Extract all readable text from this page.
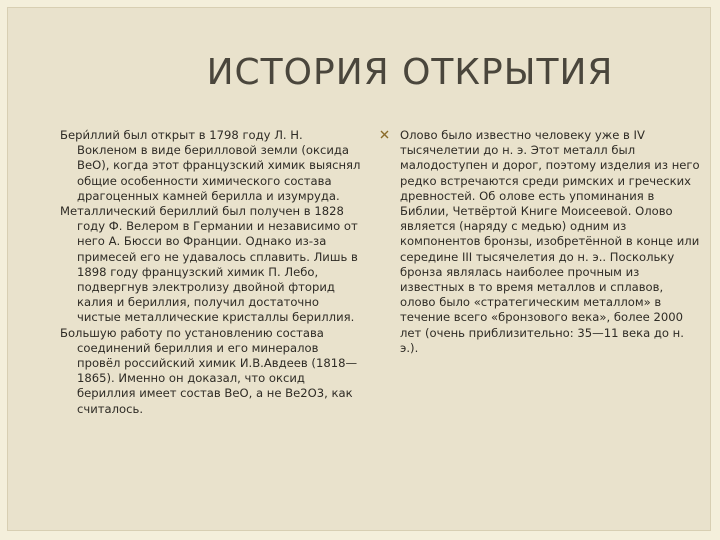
ИСТОРИЯ ОТКРЫТИЯ

Бери́ллий был открыт в 1798 году Л. Н. Вокленом в виде берилловой земли (оксида BeO), когда этот французский химик выяснял общие особенности химического состава драгоценных камней берилла и изумруда.

Металлический бериллий был получен в 1828 году Ф. Велером в Германии и независимо от него А. Бюсси во Франции. Однако из-за примесей его не удавалось сплавить. Лишь в 1898 году французский химик П. Лебо, подвергнув электролизу двойной фторид калия и бериллия, получил достаточно чистые металлические кристаллы бериллия.

Большую работу по установлению состава соединений бериллия и его минералов провёл российский химик И.В.Авдеев (1818—1865). Именно он доказал, что оксид бериллия имеет состав BeO, а не Be2O3, как считалось.

Олово было известно человеку уже в IV тысячелетии до н. э. Этот металл был малодоступен и дорог, поэтому изделия из него редко встречаются среди римских и греческих древностей. Об олове есть упоминания в Библии, Четвёртой Книге Моисеевой. Олово является (наряду с медью) одним из компонентов бронзы, изобретённой в конце или середине III тысячелетия до н. э.. Поскольку бронза являлась наиболее прочным из известных в то время металлов и сплавов, олово было «стратегическим металлом» в течение всего «бронзового века», более 2000 лет (очень приблизительно: 35—11 века до н. э.).
